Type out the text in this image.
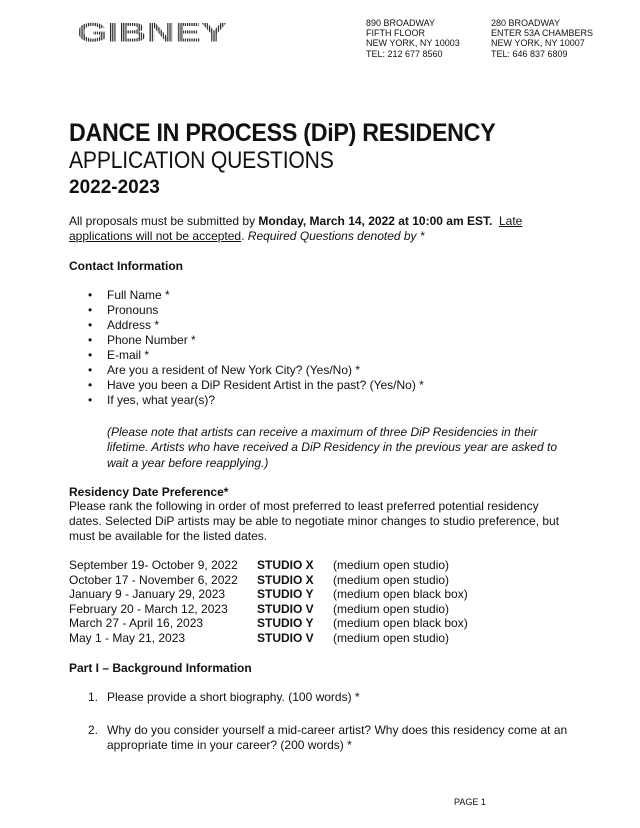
890 BROADWAY
FIFTH FLOOR
NEW YORK, NY 10003
TEL: 212 677 8560
280 BROADWAY
ENTER 53A CHAMBERS
NEW YORK, NY 10007
TEL: 646 837 6809
DANCE IN PROCESS (DiP) RESIDENCY
APPLICATION QUESTIONS
2022-2023
All proposals must be submitted by Monday, March 14, 2022 at 10:00 am EST. Late applications will not be accepted. Required Questions denoted by *
Contact Information
• Full Name *
• Pronouns
• Address *
• Phone Number *
• E-mail *
• Are you a resident of New York City? (Yes/No) *
• Have you been a DiP Resident Artist in the past? (Yes/No) *
• If yes, what year(s)?
(Please note that artists can receive a maximum of three DiP Residencies in their lifetime. Artists who have received a DiP Residency in the previous year are asked to wait a year before reapplying.)
Residency Date Preference*
Please rank the following in order of most preferred to least preferred potential residency dates. Selected DiP artists may be able to negotiate minor changes to studio preference, but must be available for the listed dates.
September 19- October 9, 2022 STUDIO X (medium open studio)
October 17 - November 6, 2022 STUDIO X (medium open studio)
January 9 - January 29, 2023	STUDIO Y (medium open black box)
February 20 - March 12, 2023 STUDIO V (medium open studio)
March 27 - April 16, 2023	STUDIO Y (medium open black box)
May 1 - May 21, 2023	STUDIO V (medium open studio)
Part I – Background Information
1. Please provide a short biography. (100 words) *
2. Why do you consider yourself a mid-career artist? Why does this residency come at an appropriate time in your career? (200 words) *
PAGE 1
